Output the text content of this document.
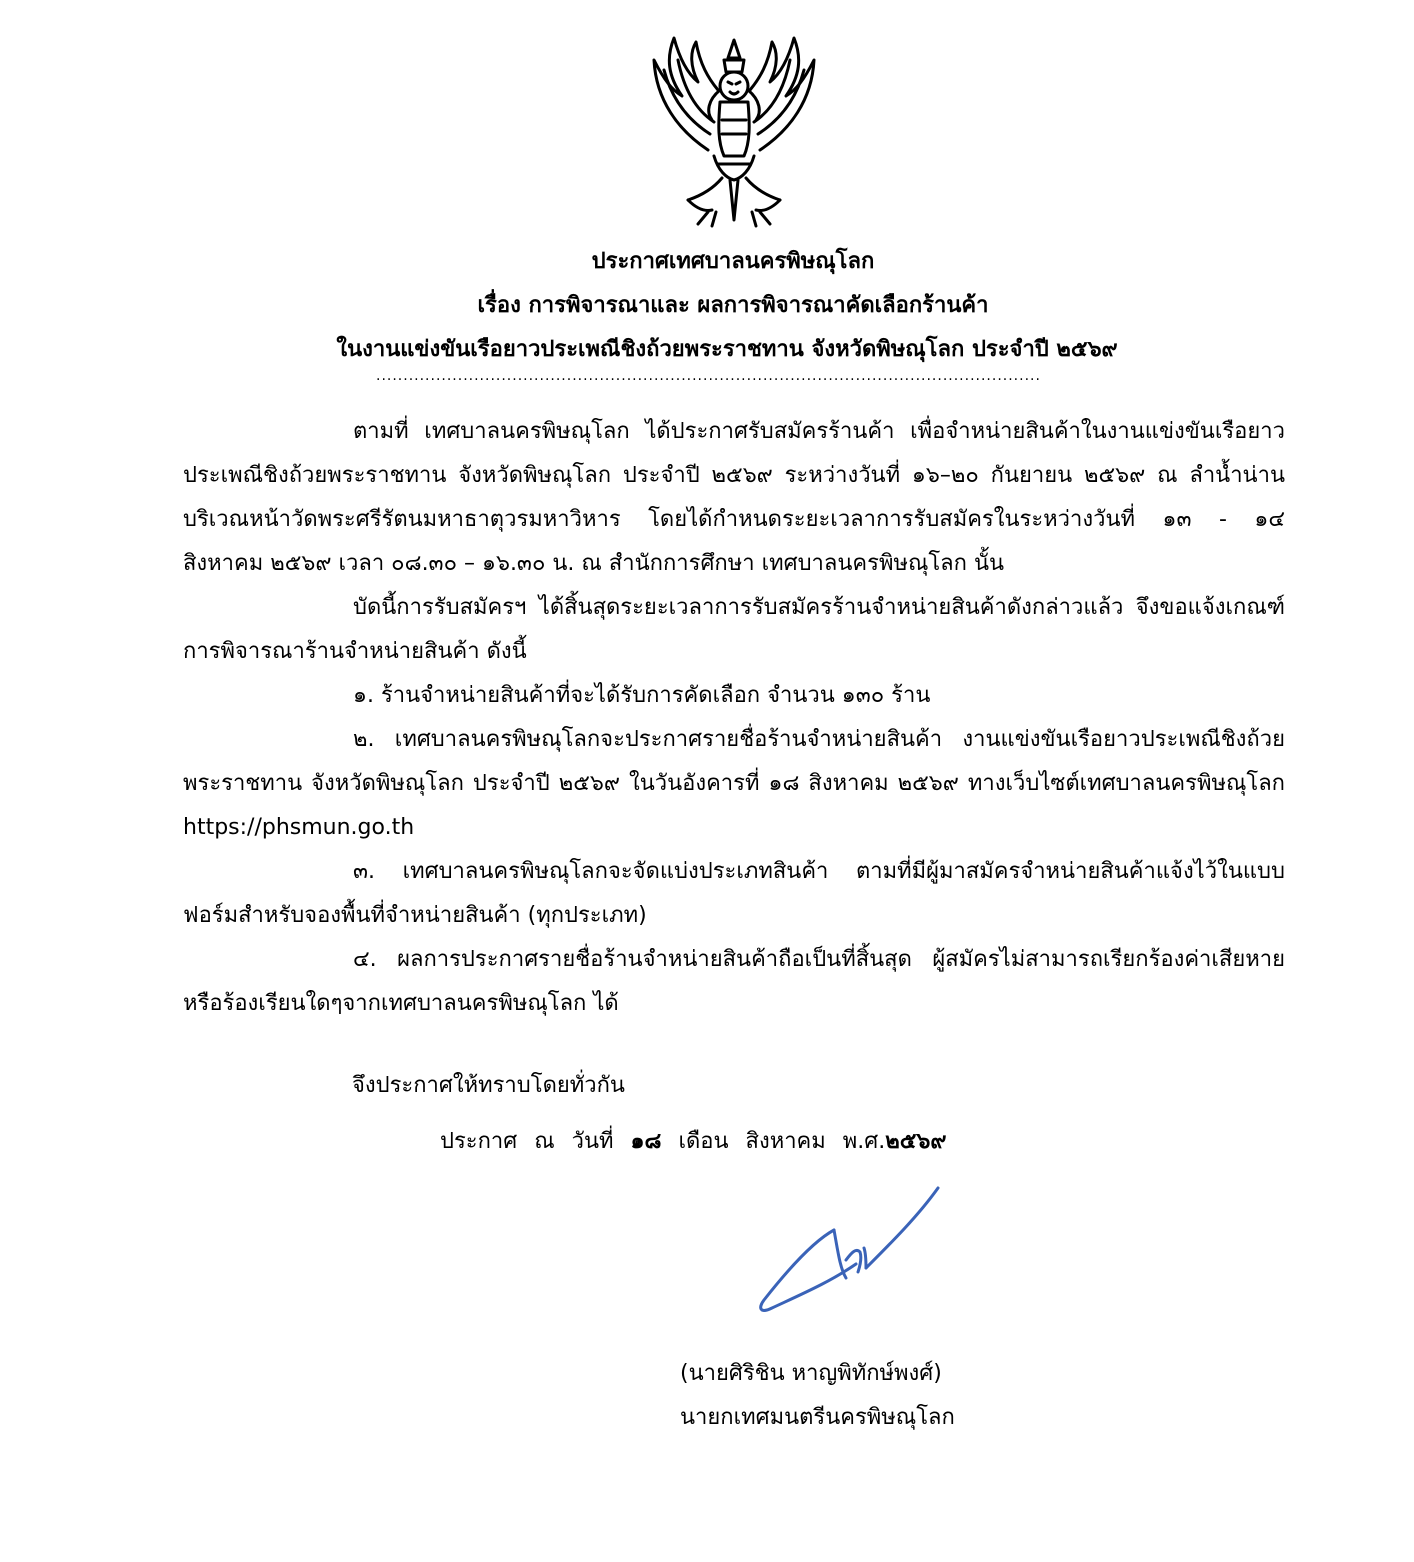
ประกาศเทศบาลนครพิษณุโลก
เรื่อง การพิจารณาและ ผลการพิจารณาคัดเลือกร้านค้า
ในงานแข่งขันเรือยาวประเพณีชิงถ้วยพระราชทาน จังหวัดพิษณุโลก ประจำปี ๒๕๖๙
..........................................................................................................................

ตามที่ เทศบาลนครพิษณุโลก ได้ประกาศรับสมัครร้านค้า เพื่อจำหน่ายสินค้าในงานแข่งขันเรือยาวประเพณีชิงถ้วยพระราชทาน จังหวัดพิษณุโลก ประจำปี ๒๕๖๙ ระหว่างวันที่ ๑๖–๒๐ กันยายน ๒๕๖๙ ณ ลำน้ำน่าน บริเวณหน้าวัดพระศรีรัตนมหาธาตุวรมหาวิหาร โดยได้กำหนดระยะเวลาการรับสมัครในระหว่างวันที่ ๑๓ - ๑๔ สิงหาคม ๒๕๖๙ เวลา ๐๘.๓๐ – ๑๖.๓๐ น. ณ สำนักการศึกษา เทศบาลนครพิษณุโลก นั้น

บัดนี้การรับสมัครฯ ได้สิ้นสุดระยะเวลาการรับสมัครร้านจำหน่ายสินค้าดังกล่าวแล้ว จึงขอแจ้งเกณฑ์การพิจารณาร้านจำหน่ายสินค้า ดังนี้

๑. ร้านจำหน่ายสินค้าที่จะได้รับการคัดเลือก จำนวน ๑๓๐ ร้าน

๒. เทศบาลนครพิษณุโลกจะประกาศรายชื่อร้านจำหน่ายสินค้า งานแข่งขันเรือยาวประเพณีชิงถ้วยพระราชทาน จังหวัดพิษณุโลก ประจำปี ๒๕๖๙ ในวันอังคารที่ ๑๘ สิงหาคม ๒๕๖๙ ทางเว็บไซต์เทศบาลนครพิษณุโลก https://phsmun.go.th

๓. เทศบาลนครพิษณุโลกจะจัดแบ่งประเภทสินค้า ตามที่มีผู้มาสมัครจำหน่ายสินค้าแจ้งไว้ในแบบฟอร์มสำหรับจองพื้นที่จำหน่ายสินค้า (ทุกประเภท)

๔. ผลการประกาศรายชื่อร้านจำหน่ายสินค้าถือเป็นที่สิ้นสุด ผู้สมัครไม่สามารถเรียกร้องค่าเสียหายหรือร้องเรียนใดๆจากเทศบาลนครพิษณุโลก ได้

จึงประกาศให้ทราบโดยทั่วกัน
ประกาศ ณ วันที่ ๑๘ เดือน สิงหาคม พ.ศ.๒๕๖๙
(นายศิริชิน หาญพิทักษ์พงศ์)
นายกเทศมนตรีนครพิษณุโลก
